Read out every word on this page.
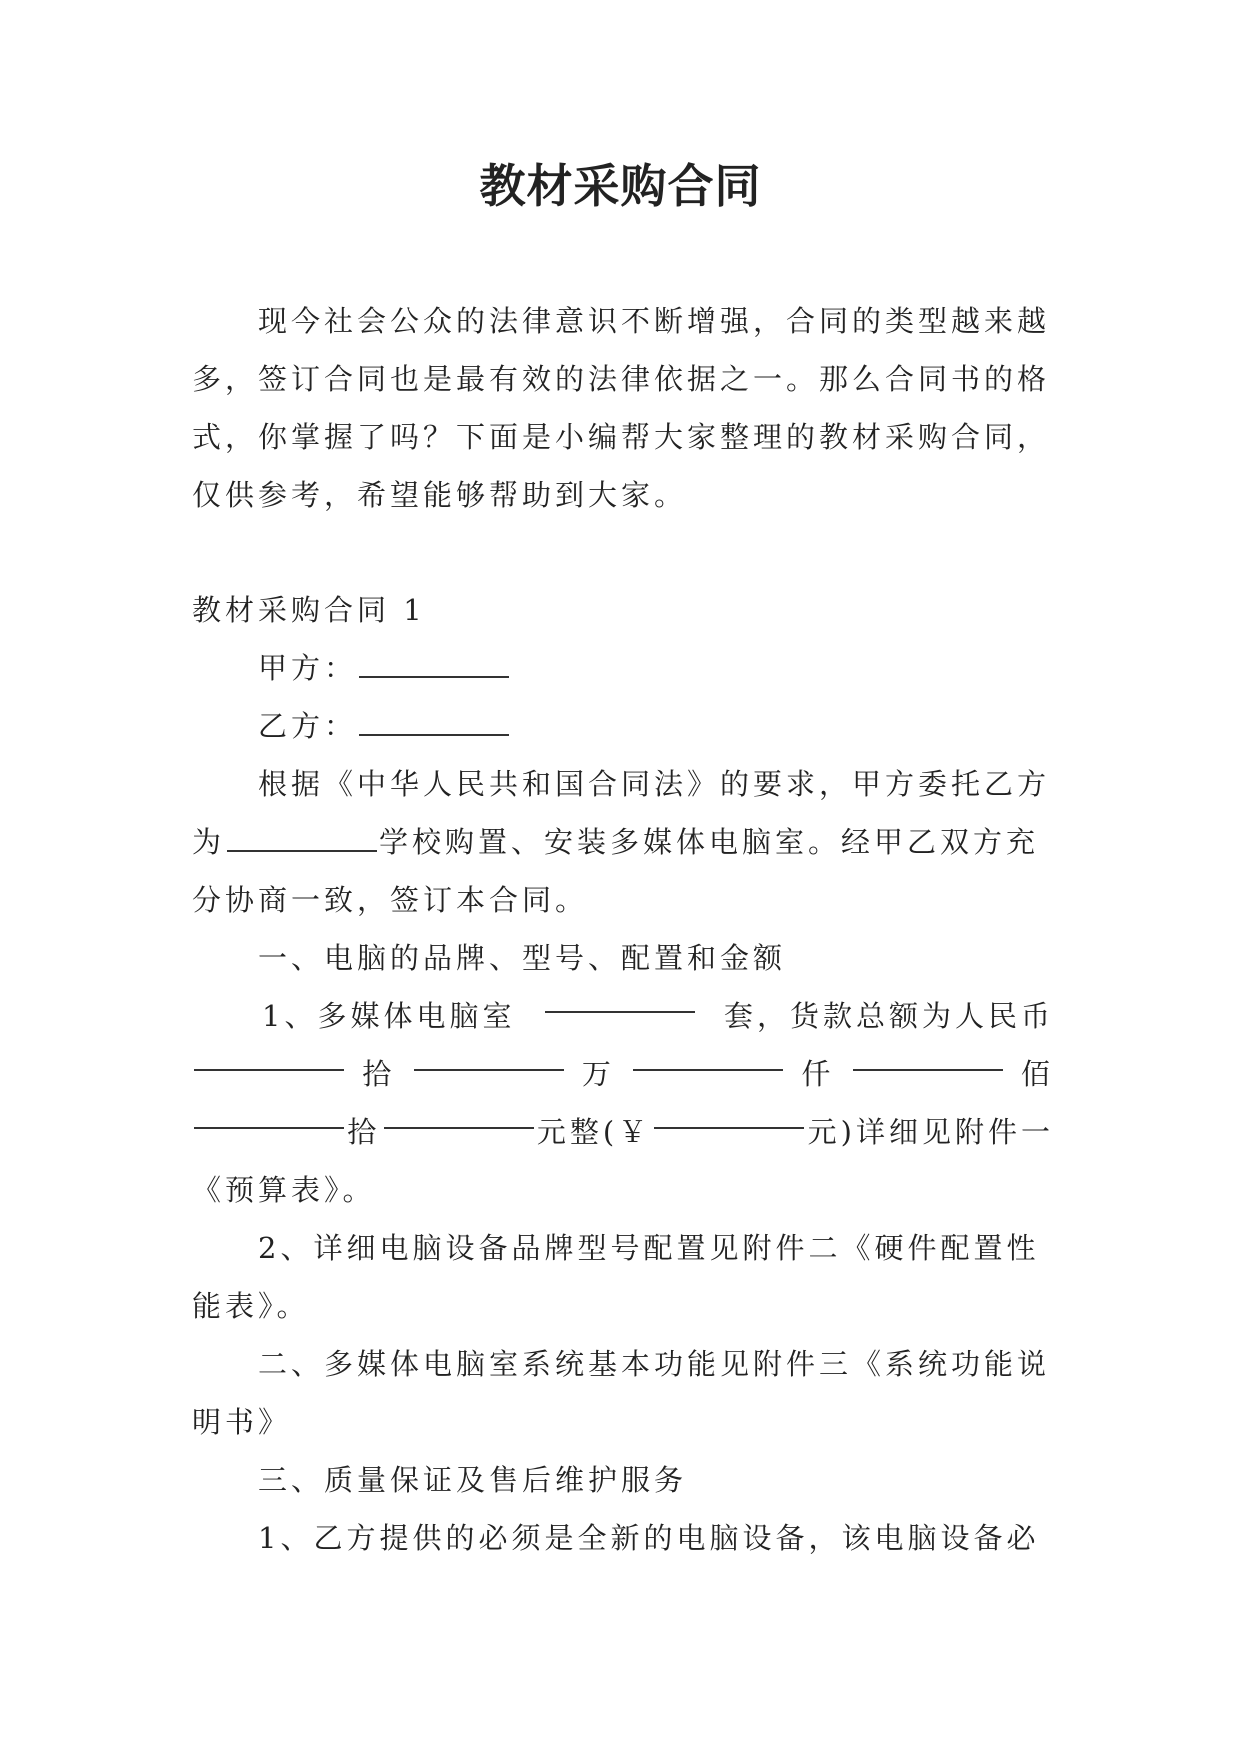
教材采购合同
现今社会公众的法律意识不断增强，合同的类型越来越
多，签订合同也是最有效的法律依据之一。那么合同书的格
式，你掌握了吗？下面是小编帮大家整理的教材采购合同，
仅供参考，希望能够帮助到大家。
教材采购合同 1
甲方：
乙方：
根据《中华人民共和国合同法》的要求，甲方委托乙方
为	学校购置、安装多媒体电脑室。经甲乙双方充
分协商一致，签订本合同。
一、电脑的品牌、型号、配置和金额
1、多媒体电脑室	套，货款总额为人民币
拾	万	仟	佰
拾	元整(￥	元)详细见附件一
《预算表》。
2、详细电脑设备品牌型号配置见附件二《硬件配置性
能表》。
二、多媒体电脑室系统基本功能见附件三《系统功能说
明书》
三、质量保证及售后维护服务
1、乙方提供的必须是全新的电脑设备，该电脑设备必
